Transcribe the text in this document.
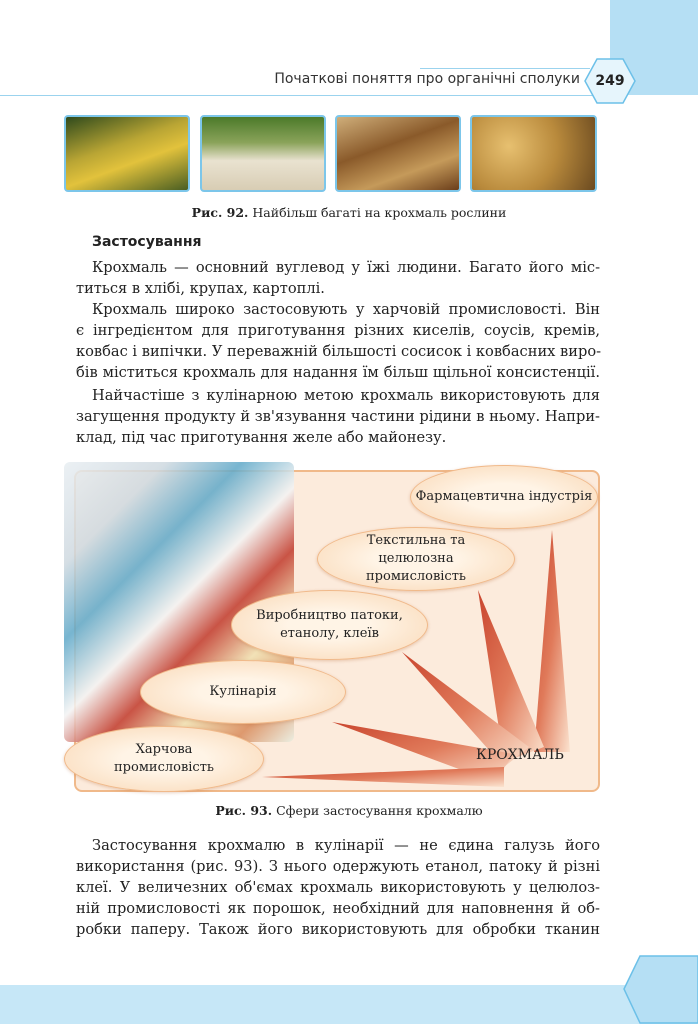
Початкові поняття про органічні сполуки	249
Рис. 92. Найбільш багаті на крохмаль рослини
Застосування
Крохмаль — основний вуглевод у їжі людини. Багато його міс-
титься в хлібі, крупах, картоплі.
Крохмаль широко застосовують у харчовій промисловості. Він
є інгредієнтом для приготування різних киселів, соусів, кремів,
ковбас і випічки. У переважній більшості сосисок і ковбасних виро-
бів міститься крохмаль для надання їм більш щільної консистенції.
Найчастіше з кулінарною метою крохмаль використовують для
загущення продукту й зв'язування частини рідини в ньому. Напри-
клад, під час приготування желе або майонезу.
Фармацевтична індустрія
Текстильна та целюлозна промисловість
Виробництво патоки, етанолу, клеїв
Кулінарія
Харчова промисловість
КРОХМАЛЬ
Рис. 93. Сфери застосування крохмалю
Застосування крохмалю в кулінарії — не єдина галузь його
використання (рис. 93). З нього одержують етанол, патоку й різні
клеї. У величезних об'ємах крохмаль використовують у целюлоз-
ній промисловості як порошок, необхідний для наповнення й об-
робки паперу. Також його використовують для обробки тканин
